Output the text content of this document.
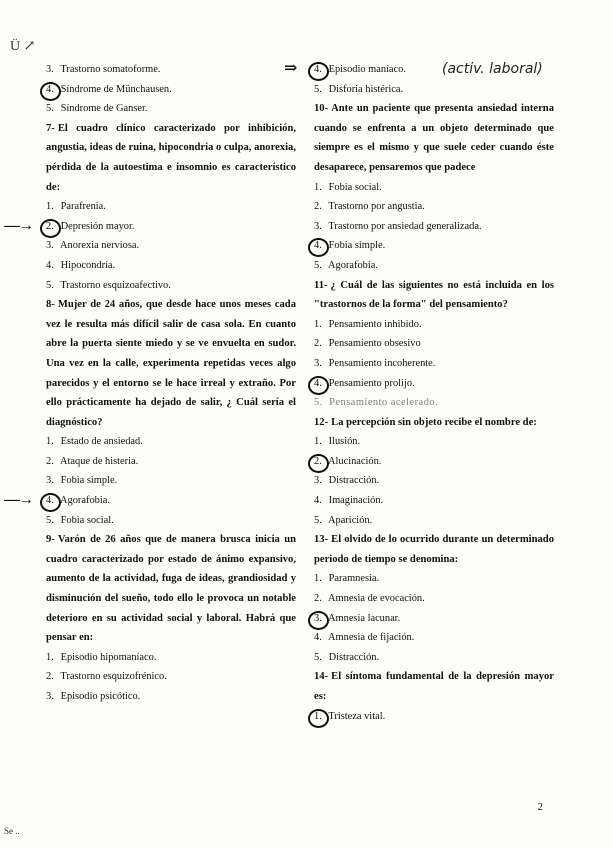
Ü ↗
3. Trastorno somatoforme.
4. Síndrome de Münchausen.
5. Síndrome de Ganser.

7- El cuadro clínico caracterizado por inhibición, angustia, ideas de ruina, hipocondría o culpa, anorexia, pérdida de la autoestima e insomnio es característico de:

1. Parafrenia.
—→ 2. Depresión mayor.
3. Anorexia nerviosa.
4. Hipocondría.
5. Trastorno esquizoafectivo.

8- Mujer de 24 años, que desde hace unos meses cada vez le resulta más difícil salir de casa sola. En cuanto abre la puerta siente miedo y se ve envuelta en sudor. Una vez en la calle, experimenta repetidas veces algo parecidos y el entorno se le hace irreal y extraño. Por ello prácticamente ha dejado de salir, ¿ Cuál sería el diagnóstico?

1. Estado de ansiedad.
2. Ataque de histeria.
3. Fobia simple.
—→ 4. Agorafobia.
5. Fobia social.

9- Varón de 26 años que de manera brusca inicia un cuadro caracterizado por estado de ánimo expansivo, aumento de la actividad, fuga de ideas, grandiosidad y disminución del sueño, todo ello le provoca un notable deterioro en su actividad social y laboral. Habrá que pensar en:

1. Episodio hipomaníaco.
2. Trastorno esquizofrénico.
3. Episodio psicótico.
⇒ 4. Episodio maníaco.	(activ. laboral)
5. Disforia histérica.

10- Ante un paciente que presenta ansiedad interna cuando se enfrenta a un objeto determinado que siempre es el mismo y que suele ceder cuando éste desaparece, pensaremos que padece

1. Fobia social.
2. Trastorno por angustia.
3. Trastorno por ansiedad generalizada.
4. Fobia simple.
5. Agorafobia.

11- ¿ Cuál de las siguientes no está incluida en los "trastornos de la forma" del pensamiento?

1. Pensamiento inhibido.
2. Pensamiento obsesivo
3. Pensamiento incoherente.
4. Pensamiento prolijo.
5. Pensamiento acelerado.

12- La percepción sin objeto recibe el nombre de:

1. Ilusión.
2. Alucinación.
3. Distracción.
4. Imaginación.
5. Aparición.

13- El olvido de lo ocurrido durante un determinado periodo de tiempo se denomina:

1. Paramnesia.
2. Amnesia de evocación.
3. Amnesia lacunar.
4. Amnesia de fijación.
5. Distracción.

14- El síntoma fundamental de la depresión mayor es:

1. Tristeza vital.
2
Se ..
